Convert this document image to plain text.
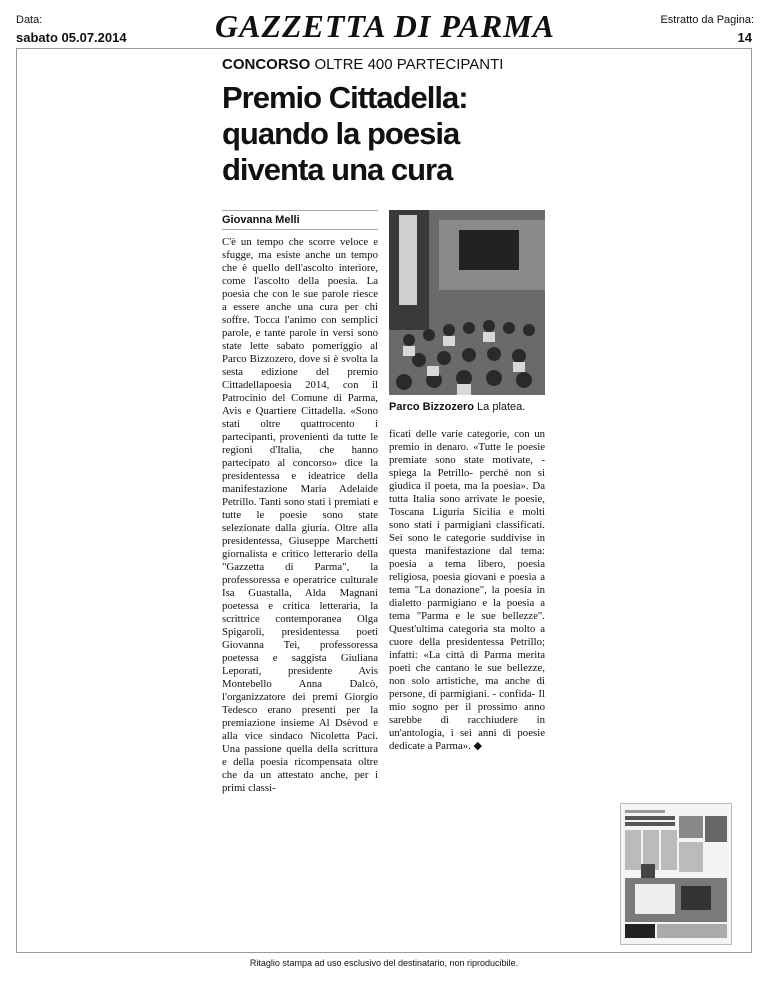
Data:
sabato 05.07.2014	GAZZETTA DI PARMA	Estratto da Pagina:
14
CONCORSO OLTRE 400 PARTECIPANTI
Premio Cittadella: quando la poesia diventa una cura
Giovanna Melli
C'è un tempo che scorre veloce e sfugge, ma esiste anche un tempo che è quello dell'ascolto interiore, come l'ascolto della poesia. La poesia che con le sue parole riesce a essere anche una cura per chi soffre. Tocca l'animo con semplici parole, e tante parole in versi sono state lette sabato pomeriggio al Parco Bizzozero, dove si è svolta la sesta edizione del premio Cittadellapoesia 2014, con il Patrocinio del Comune di Parma, Avis e Quartiere Cittadella. «Sono stati oltre quattrocento i partecipanti, provenienti da tutte le regioni d'Italia, che hanno partecipato al concorso» dice la presidentessa e ideatrice della manifestazione Maria Adelaide Petrillo. Tanti sono stati i premiati e tutte le poesie sono state selezionate dalla giuria. Oltre alla presidentessa, Giuseppe Marchetti giornalista e critico letterario della "Gazzetta di Parma", la professoressa e operatrice culturale Isa Guastalla, Alda Magnani poetessa e critica letteraria, la scrittrice contemporanea Olga Spigaroli, presidentessa poeti Giovanna Tei, professoressa poetessa e saggista Giuliana Leporati, presidente Avis Montebello Anna Dalcò, l'organizzatore dei premi Giorgio Tedesco erano presenti per la premiazione insieme Al Dsèvod e alla vice sindaco Nicoletta Paci. Una passione quella della scrittura e della poesia ricompensata oltre che da un attestato anche, per i primi classi-
Parco Bizzozero La platea.
ficati delle varie categorie, con un premio in denaro. «Tutte le poesie premiate sono state motivate, - spiega la Petrillo- perché non si giudica il poeta, ma la poesia». Da tutta Italia sono arrivate le poesie, Toscana Liguria Sicilia e molti sono stati i parmigiani classificati. Sei sono le categorie suddivise in questa manifestazione dal tema: poesia a tema libero, poesia religiosa, poesia giovani e poesia a tema "La donazione", la poesia in dialetto parmigiano e la poesia a tema "Parma e le sue bellezze". Quest'ultima categoria sta molto a cuore della presidentessa Petrillo; infatti: «La città di Parma merita poeti che cantano le sue bellezze, non solo artistiche, ma anche di persone, di parmigiani. - confida- Il mio sogno per il prossimo anno sarebbe di racchiudere in un'antologia, i sei anni di poesie dedicate a Parma». ◆
Ritaglio stampa ad uso esclusivo del destinatario, non riproducibile.
